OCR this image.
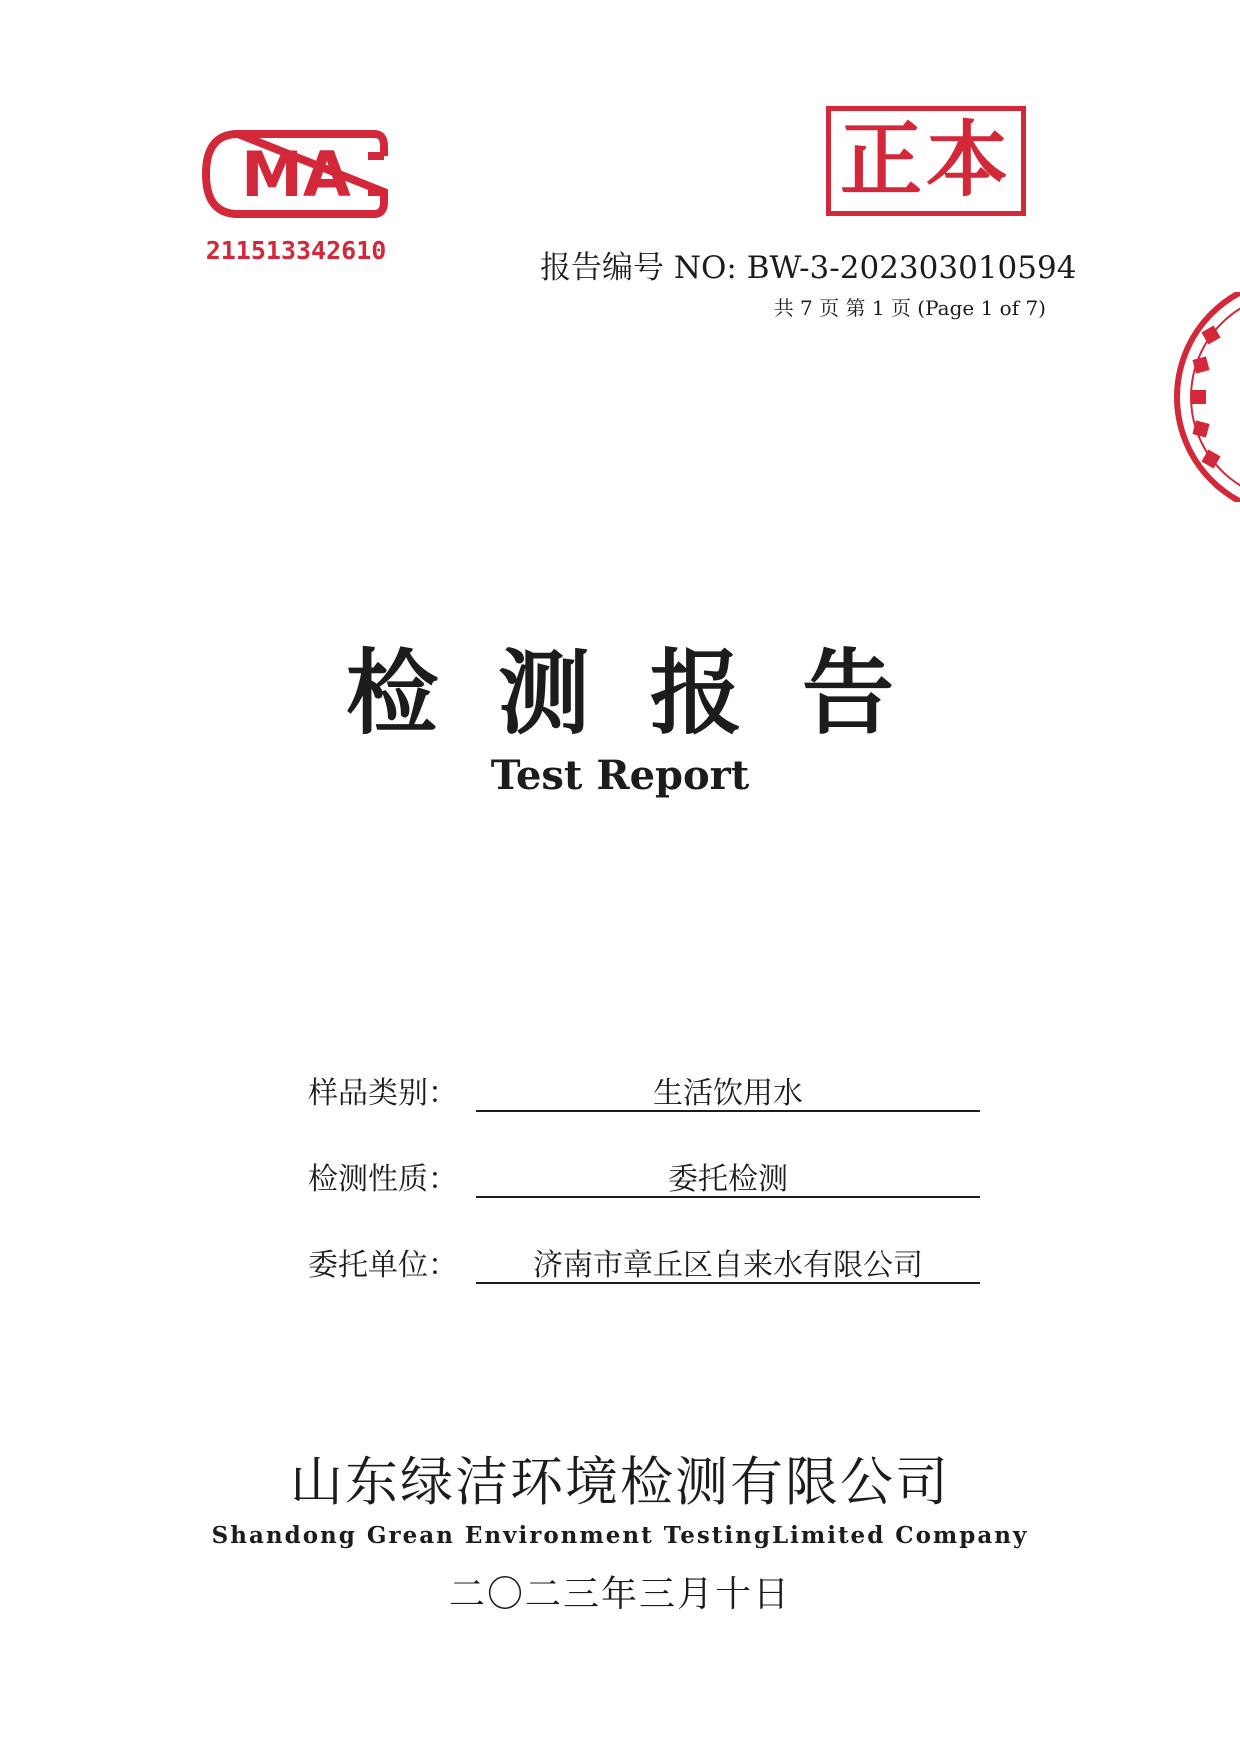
MA
211513342610
正本
报告编号 NO: BW-3-202303010594
共 7 页 第 1 页 (Page 1 of 7)
检测报告
Test Report
样品类别：	生活饮用水
检测性质：	委托检测
委托单位：	济南市章丘区自来水有限公司
山东绿洁环境检测有限公司
Shandong Grean Environment TestingLimited Company
二〇二三年三月十日
